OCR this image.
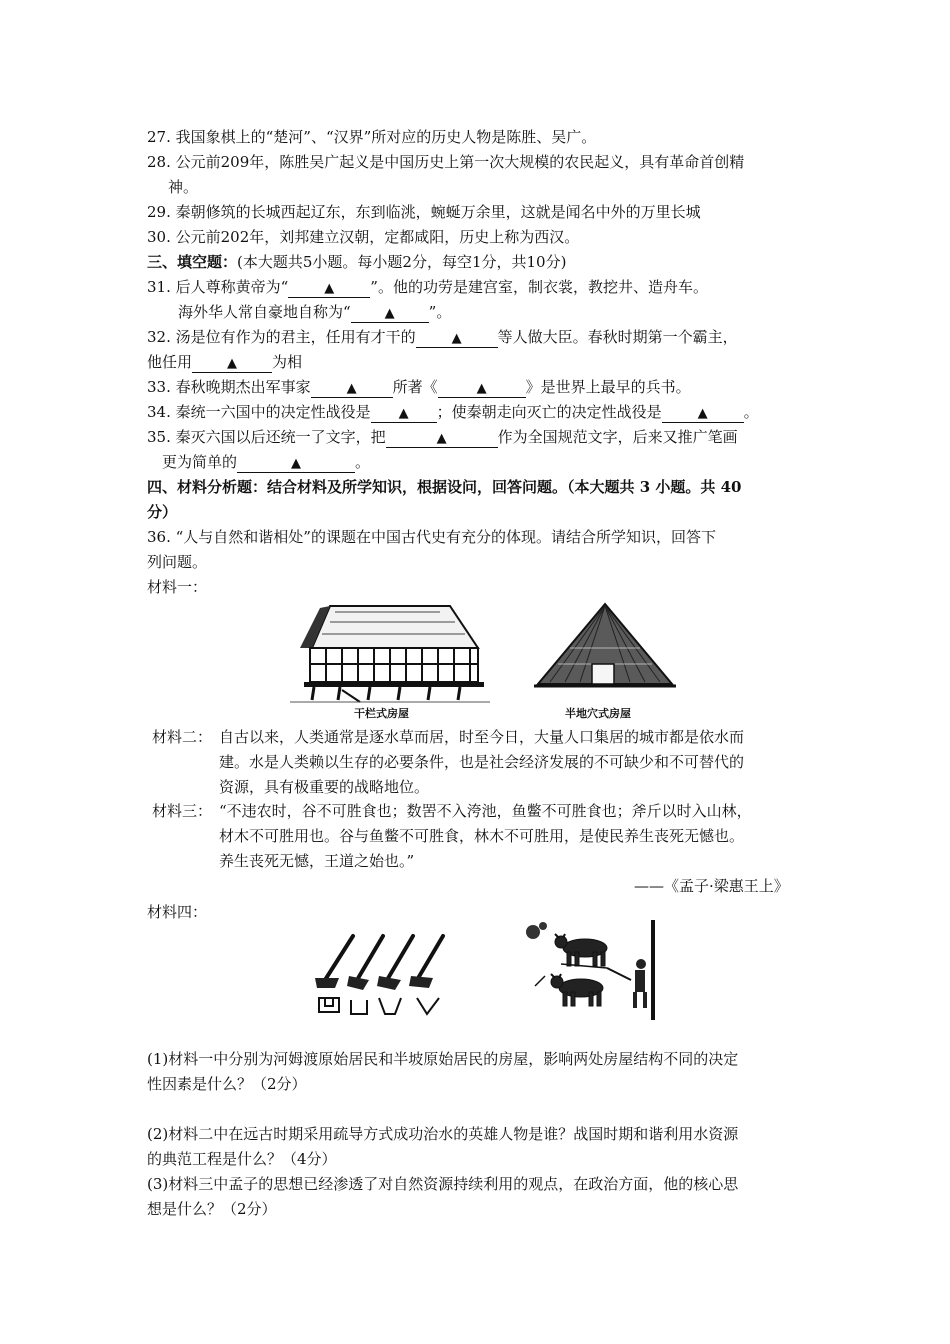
27. 我国象棋上的“楚河”、“汉界”所对应的历史人物是陈胜、吴广。
28. 公元前209年，陈胜吴广起义是中国历史上第一次大规模的农民起义，具有革命首创精
神。
29. 秦朝修筑的长城西起辽东，东到临洮，蜿蜒万余里，这就是闻名中外的万里长城
30. 公元前202年，刘邦建立汉朝，定都咸阳，历史上称为西汉。
三、填空题：(本大题共5小题。每小题2分，每空1分，共10分)
31. 后人尊称黄帝为“	▲ ”。他的功劳是建宫室，制衣裳，教挖井、造舟车。
海外华人常自豪地自称为“	▲ ”。
32. 汤是位有作为的君主，任用有才干的	▲ 等人做大臣。春秋时期第一个霸主，
他任用	▲ 为相
33. 春秋晚期杰出军事家	▲ 所著《	▲	》是世界上最早的兵书。
34. 秦统一六国中的决定性战役是 ▲ ；使秦朝走向灭亡的决定性战役是	▲ 。
35. 秦灭六国以后还统一了文字，把	▲	作为全国规范文字，后来又推广笔画
更为简单的	▲	。
四、材料分析题：结合材料及所学知识，根据设问，回答问题。（本大题共 3 小题。共 40
分）
36. “人与自然和谐相处”的课题在中国古代史有充分的体现。请结合所学知识，回答下
列问题。
材料一：
干栏式房屋	半地穴式房屋
材料二： 自古以来，人类通常是逐水草而居，时至今日，大量人口集居的城市都是依水而
建。水是人类赖以生存的必要条件，也是社会经济发展的不可缺少和不可替代的
资源，具有极重要的战略地位。
材料三： “不违农时，谷不可胜食也；数罟不入洿池，鱼鳖不可胜食也；斧斤以时入山林，
材木不可胜用也。谷与鱼鳖不可胜食，林木不可胜用，是使民养生丧死无憾也。
养生丧死无憾，王道之始也。”
——《孟子·梁惠王上》
材料四：
(1)材料一中分别为河姆渡原始居民和半坡原始居民的房屋，影响两处房屋结构不同的决定
性因素是什么？（2分）
(2)材料二中在远古时期采用疏导方式成功治水的英雄人物是谁？战国时期和谐利用水资源
的典范工程是什么？（4分）
(3)材料三中孟子的思想已经渗透了对自然资源持续利用的观点，在政治方面，他的核心思
想是什么？（2分）
